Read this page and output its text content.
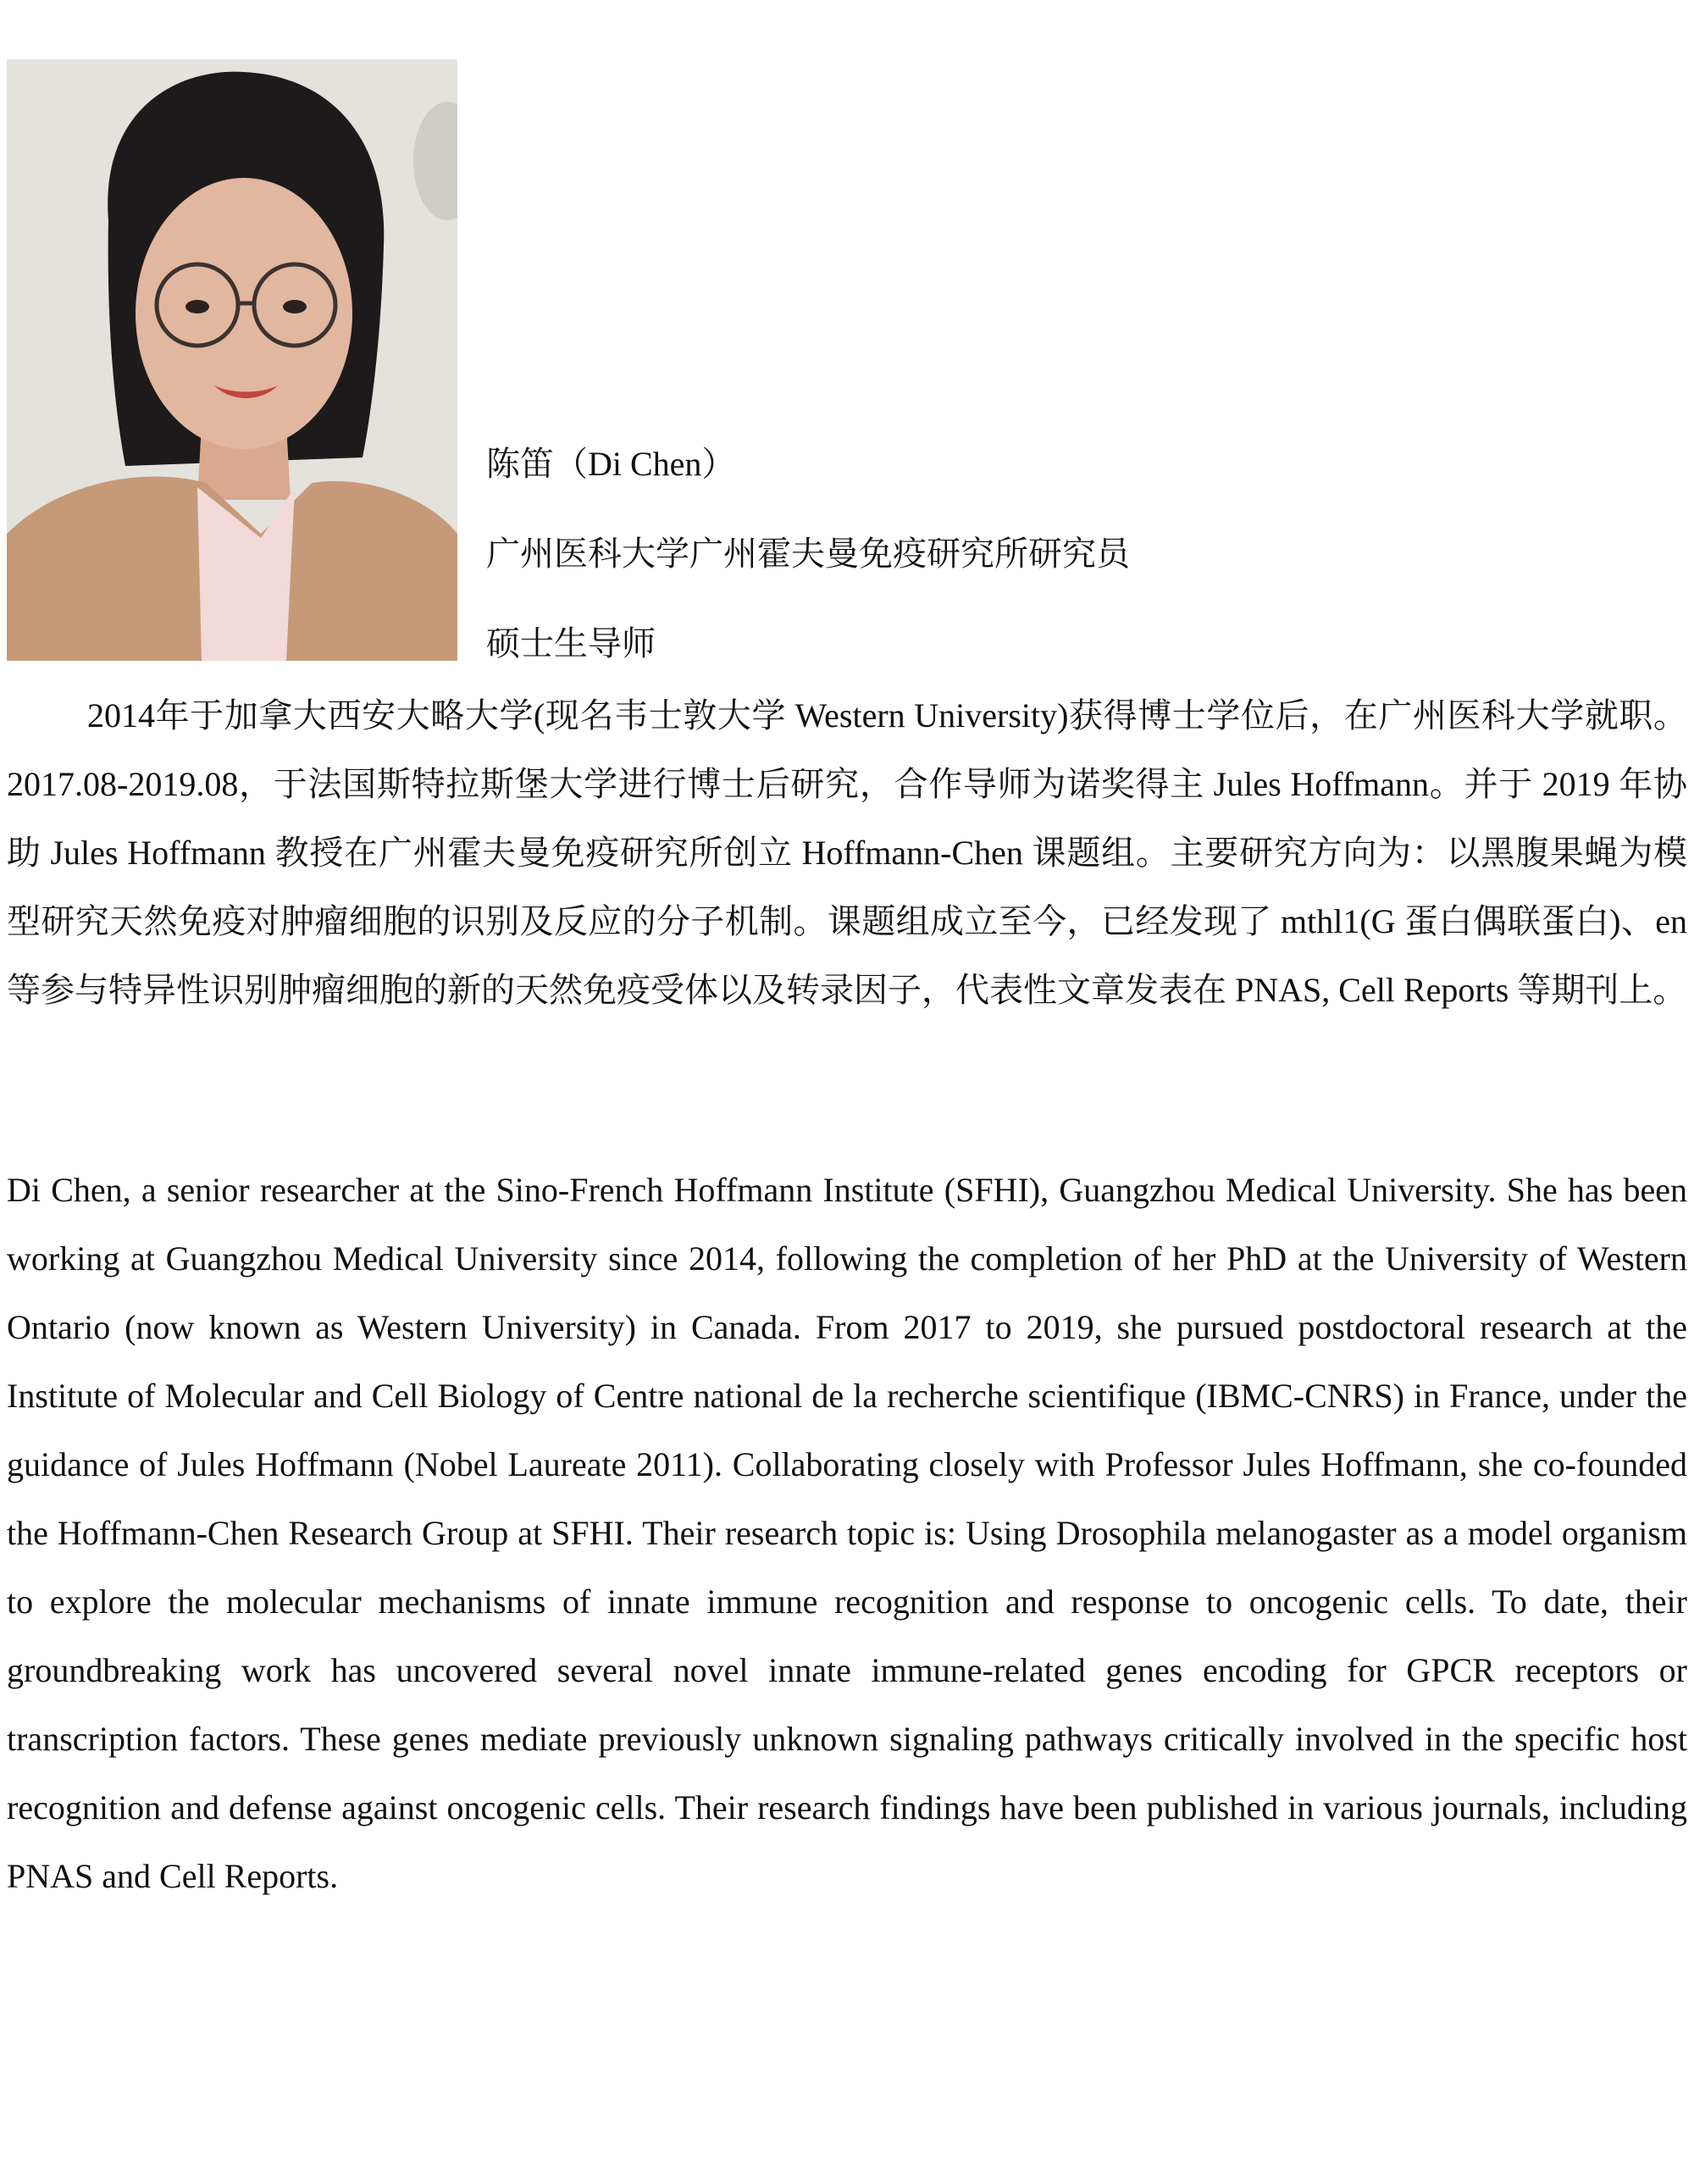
陈笛（Di Chen）
广州医科大学广州霍夫曼免疫研究所研究员
硕士生导师

2014年于加拿大西安大略大学(现名韦士敦大学 Western University)获得博士学位后，在广州医科大学就职。2017.08-2019.08，于法国斯特拉斯堡大学进行博士后研究，合作导师为诺奖得主 Jules Hoffmann。并于 2019 年协助 Jules Hoffmann 教授在广州霍夫曼免疫研究所创立 Hoffmann-Chen 课题组。主要研究方向为：以黑腹果蝇为模型研究天然免疫对肿瘤细胞的识别及反应的分子机制。课题组成立至今，已经发现了 mthl1(G 蛋白偶联蛋白)、en 等参与特异性识别肿瘤细胞的新的天然免疫受体以及转录因子，代表性文章发表在 PNAS, Cell Reports 等期刊上。

Di Chen, a senior researcher at the Sino-French Hoffmann Institute (SFHI), Guangzhou Medical University. She has been working at Guangzhou Medical University since 2014, following the completion of her PhD at the University of Western Ontario (now known as Western University) in Canada. From 2017 to 2019, she pursued postdoctoral research at the Institute of Molecular and Cell Biology of Centre national de la recherche scientifique (IBMC-CNRS) in France, under the guidance of Jules Hoffmann (Nobel Laureate 2011). Collaborating closely with Professor Jules Hoffmann, she co-founded the Hoffmann-Chen Research Group at SFHI. Their research topic is: Using Drosophila melanogaster as a model organism to explore the molecular mechanisms of innate immune recognition and response to oncogenic cells. To date, their groundbreaking work has uncovered several novel innate immune-related genes encoding for GPCR receptors or transcription factors. These genes mediate previously unknown signaling pathways critically involved in the specific host recognition and defense against oncogenic cells. Their research findings have been published in various journals, including PNAS and Cell Reports.
